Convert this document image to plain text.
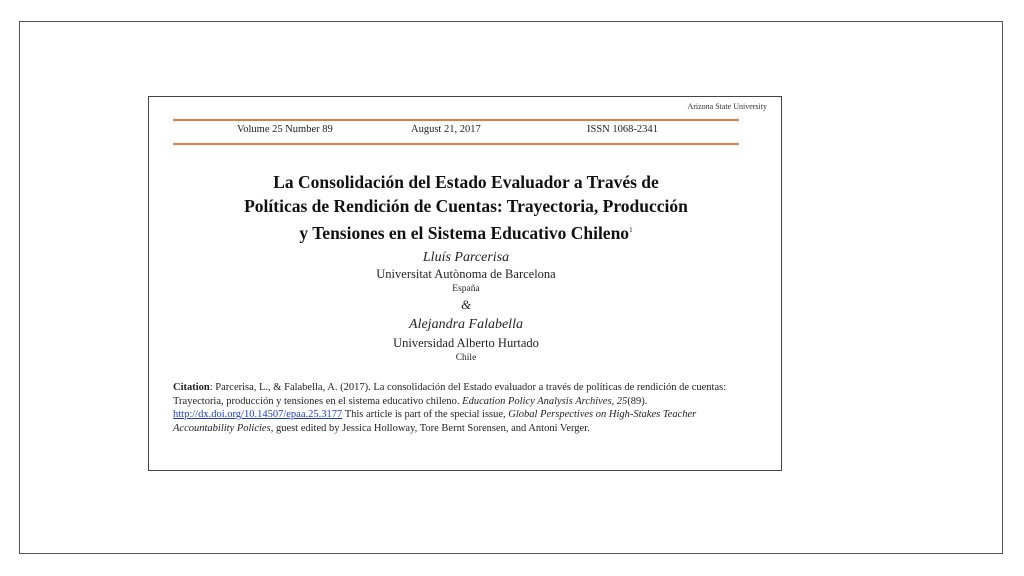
Arizona State University
Volume 25 Number 89	August 21, 2017	ISSN 1068-2341
La Consolidación del Estado Evaluador a Través de
Políticas de Rendición de Cuentas: Trayectoria, Producción
y Tensiones en el Sistema Educativo Chileno$^1$
Lluís Parcerisa
Universitat Autònoma de Barcelona
España
&
Alejandra Falabella
Universidad Alberto Hurtado
Chile
Citation: Parcerisa, L., & Falabella, A. (2017). La consolidación del Estado evaluador a través de políticas de rendición de cuentas: Trayectoria, producción y tensiones en el sistema educativo chileno. Education Policy Analysis Archives, 25(89). http://dx.doi.org/10.14507/epaa.25.3177 This article is part of the special issue, Global Perspectives on High-Stakes Teacher Accountability Policies, guest edited by Jessica Holloway, Tore Bernt Sorensen, and Antoni Verger.
